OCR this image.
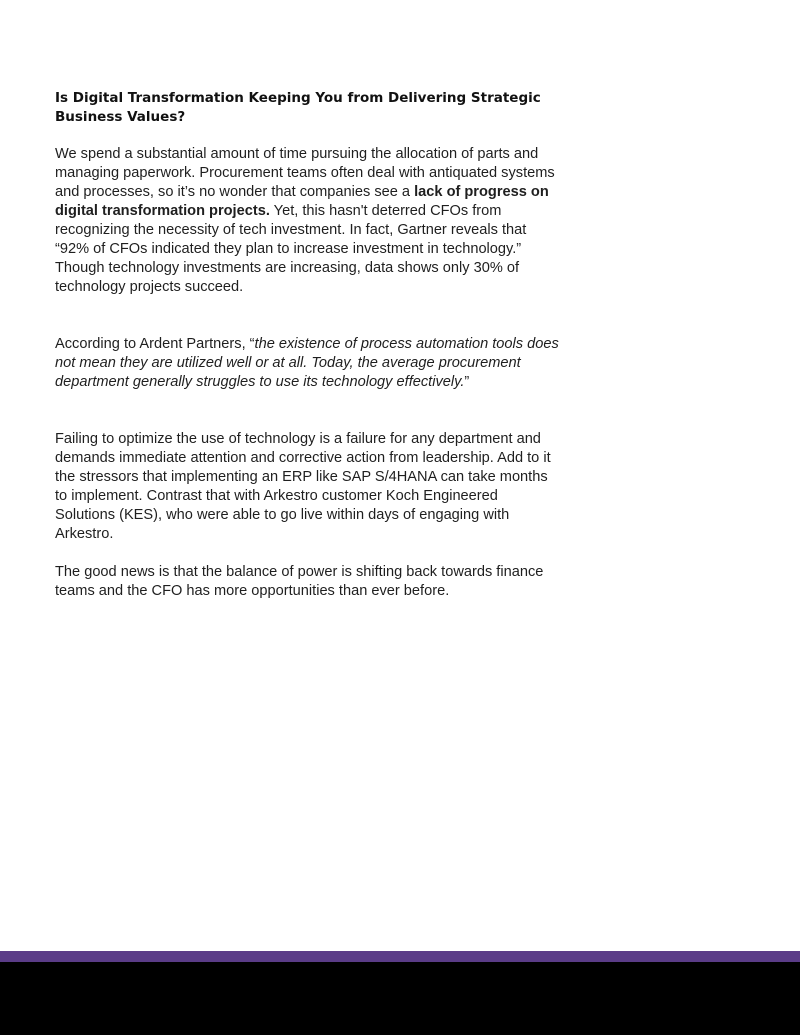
Is Digital Transformation Keeping You from Delivering Strategic Business Values?

We spend a substantial amount of time pursuing the allocation of parts and managing paperwork. Procurement teams often deal with antiquated systems and processes, so it’s no wonder that companies see a lack of progress on digital transformation projects. Yet, this hasn't deterred CFOs from recognizing the necessity of tech investment. In fact, Gartner reveals that “92% of CFOs indicated they plan to increase investment in technology.” Though technology investments are increasing, data shows only 30% of technology projects succeed.

According to Ardent Partners, “the existence of process automation tools does not mean they are utilized well or at all. Today, the average procurement department generally struggles to use its technology effectively.”

Failing to optimize the use of technology is a failure for any department and demands immediate attention and corrective action from leadership. Add to it the stressors that implementing an ERP like SAP S/4HANA can take months to implement. Contrast that with Arkestro customer Koch Engineered Solutions (KES), who were able to go live within days of engaging with Arkestro.

The good news is that the balance of power is shifting back towards finance teams and the CFO has more opportunities than ever before.
